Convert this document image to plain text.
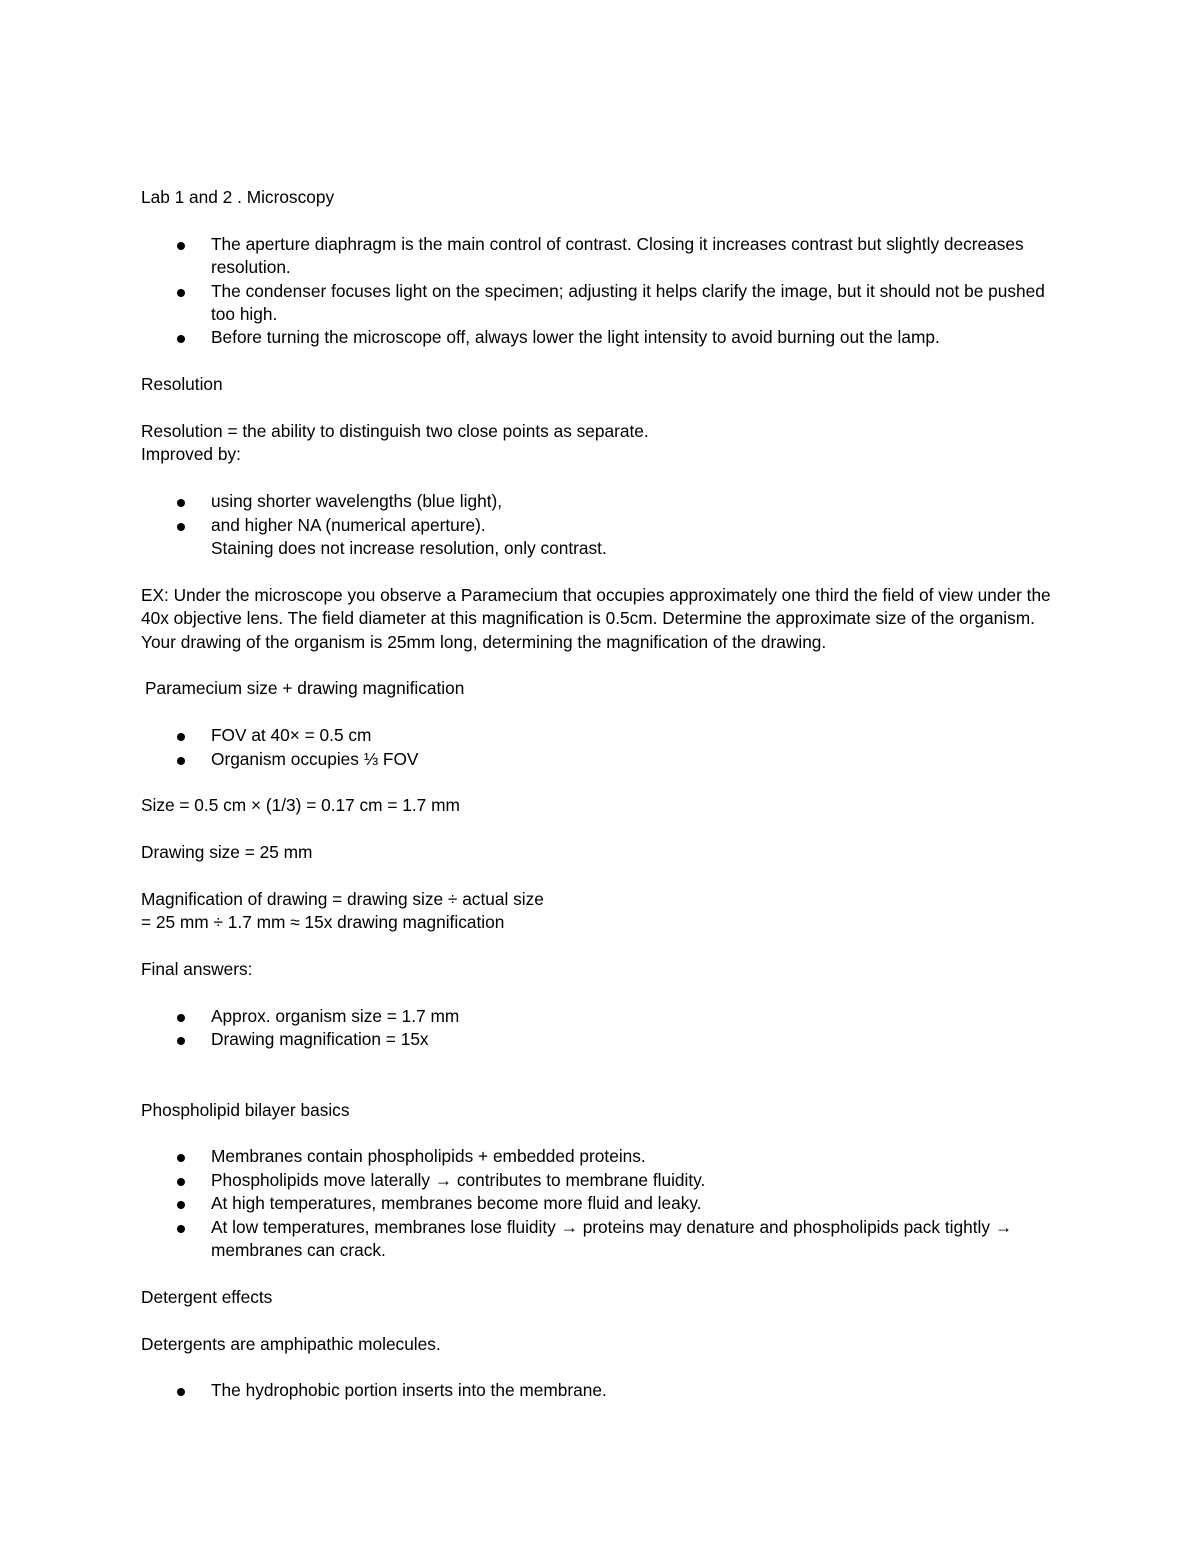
Lab 1 and 2 . Microscopy

The aperture diaphragm is the main control of contrast. Closing it increases contrast but slightly decreases resolution.
The condenser focuses light on the specimen; adjusting it helps clarify the image, but it should not be pushed too high.
Before turning the microscope off, always lower the light intensity to avoid burning out the lamp.

Resolution

Resolution = the ability to distinguish two close points as separate.

Improved by:

using shorter wavelengths (blue light),
and higher NA (numerical aperture).

Staining does not increase resolution, only contrast.

EX: Under the microscope you observe a Paramecium that occupies approximately one third the field of view under the 40x objective lens. The field diameter at this magnification is 0.5cm. Determine the approximate size of the organism. Your drawing of the organism is 25mm long, determining the magnification of the drawing.

Paramecium size + drawing magnification

FOV at 40× = 0.5 cm
Organism occupies ⅓ FOV

Size = 0.5 cm × (1/3) = 0.17 cm = 1.7 mm

Drawing size = 25 mm

Magnification of drawing = drawing size ÷ actual size

= 25 mm ÷ 1.7 mm ≈ 15x drawing magnification

Final answers:

Approx. organism size = 1.7 mm
Drawing magnification = 15x

Phospholipid bilayer basics

Membranes contain phospholipids + embedded proteins.
Phospholipids move laterally → contributes to membrane fluidity.
At high temperatures, membranes become more fluid and leaky.
At low temperatures, membranes lose fluidity → proteins may denature and phospholipids pack tightly → membranes can crack.

Detergent effects

Detergents are amphipathic molecules.

The hydrophobic portion inserts into the membrane.
